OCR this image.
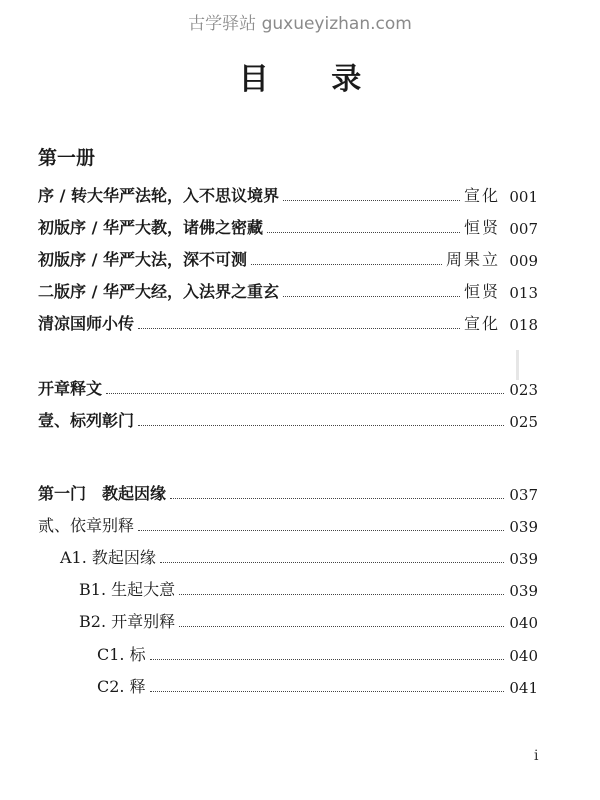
古学驿站 guxueyizhan.com
目 录
第一册
序 / 转大华严法轮，入不思议境界	宣化 001
初版序 / 华严大教，诸佛之密藏	恒贤 007
初版序 / 华严大法，深不可测	周果立 009
二版序 / 华严大经，入法界之重玄	恒贤 013
清凉国师小传	宣化 018
开章释文	023
壹、标列彰门	025
第一门　教起因缘	037
贰、依章别释	039
A1. 教起因缘	039
B1. 生起大意	039
B2. 开章别释	040
C1. 标	040
C2. 释	041
i
